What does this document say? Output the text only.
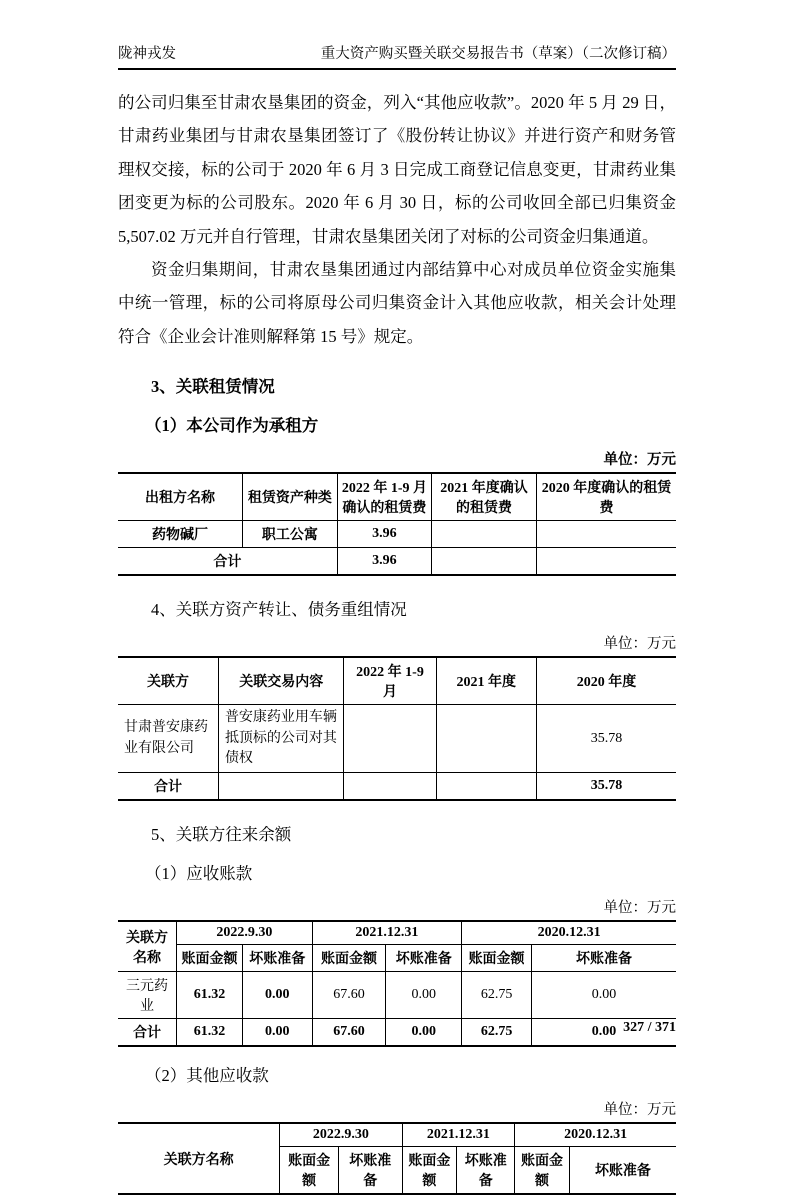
陇神戎发	重大资产购买暨关联交易报告书（草案）（二次修订稿）

的公司归集至甘肃农垦集团的资金，列入“其他应收款”。2020 年 5 月 29 日，甘肃药业集团与甘肃农垦集团签订了《股份转让协议》并进行资产和财务管理权交接，标的公司于 2020 年 6 月 3 日完成工商登记信息变更，甘肃药业集团变更为标的公司股东。2020 年 6 月 30 日，标的公司收回全部已归集资金 5,507.02 万元并自行管理，甘肃农垦集团关闭了对标的公司资金归集通道。

资金归集期间，甘肃农垦集团通过内部结算中心对成员单位资金实施集中统一管理，标的公司将原母公司归集资金计入其他应收款，相关会计处理符合《企业会计准则解释第 15 号》规定。

3、关联租赁情况

（1）本公司作为承租方

单位：万元
出租方名称	租赁资产种类	2022 年 1-9 月确认的租赁费	2021 年度确认的租赁费	2020 年度确认的租赁费
药物碱厂	职工公寓	3.96		
合计		3.96		

4、关联方资产转让、债务重组情况

单位：万元
关联方	关联交易内容	2022 年 1-9 月	2021 年度	2020 年度
甘肃普安康药业有限公司	普安康药业用车辆抵顶标的公司对其债权			35.78
合计				35.78

5、关联方往来余额

（1）应收账款

单位：万元
关联方名称	2022.9.30		2021.12.31		2020.12.31	
	账面金额	坏账准备	账面金额	坏账准备	账面金额	坏账准备
三元药业	61.32	0.00	67.60	0.00	62.75	0.00
合计	61.32	0.00	67.60	0.00	62.75	0.00

（2）其他应收款

单位：万元
关联方名称	2022.9.30		2021.12.31		2020.12.31	
	账面金额	坏账准备	账面金额	坏账准备	账面金额	坏账准备
327 / 371
